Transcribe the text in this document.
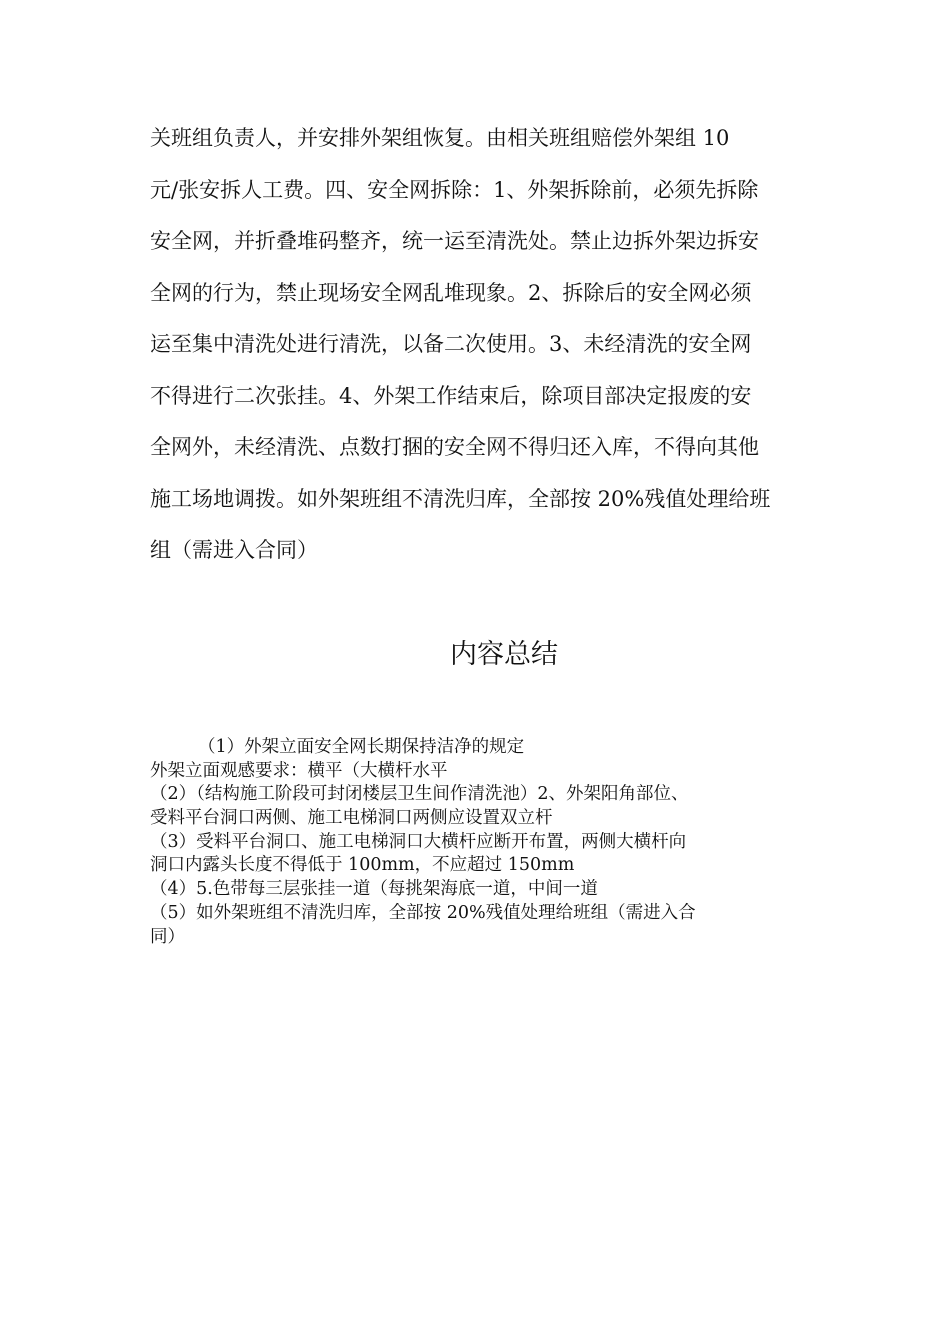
关班组负责人，并安排外架组恢复。由相关班组赔偿外架组 10
元/张安拆人工费。四、安全网拆除：1、外架拆除前，必须先拆除
安全网，并折叠堆码整齐，统一运至清洗处。禁止边拆外架边拆安
全网的行为，禁止现场安全网乱堆现象。2、拆除后的安全网必须
运至集中清洗处进行清洗，以备二次使用。3、未经清洗的安全网
不得进行二次张挂。4、外架工作结束后，除项目部决定报废的安
全网外，未经清洗、点数打捆的安全网不得归还入库，不得向其他
施工场地调拨。如外架班组不清洗归库，全部按 20%残值处理给班
组（需进入合同）
内容总结
（1）外架立面安全网长期保持洁净的规定
外架立面观感要求：横平（大横杆水平
（2）（结构施工阶段可封闭楼层卫生间作清洗池）2、外架阳角部位、
受料平台洞口两侧、施工电梯洞口两侧应设置双立杆
（3）受料平台洞口、施工电梯洞口大横杆应断开布置，两侧大横杆向
洞口内露头长度不得低于 100mm，不应超过 150mm
（4）5.色带每三层张挂一道（每挑架海底一道，中间一道
（5）如外架班组不清洗归库，全部按 20%残值处理给班组（需进入合
同）
